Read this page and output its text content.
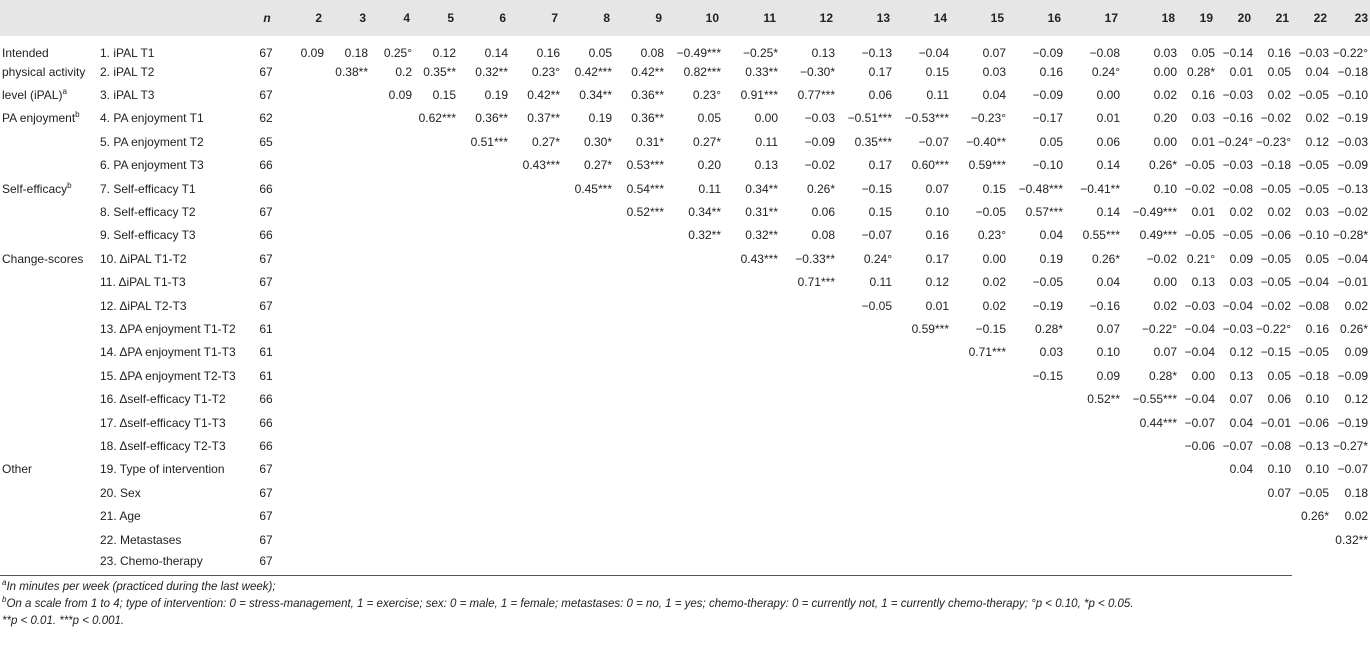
		n	2	3	4	5	6	7	8	9	10	11	12	13	14	15	16	17	18	19	20	21	22	23
Intended	1. iPAL T1	67	0.09	0.18	0.25°	0.12	0.14	0.16	0.05	0.08	−0.49***	−0.25*	0.13	−0.13	−0.04	0.07	−0.09	−0.08	0.03	0.05	−0.14	0.16	−0.03	−0.22°
physical activity	2. iPAL T2	67		0.38**	0.2	0.35**	0.32**	0.23°	0.42***	0.42**	0.82***	0.33**	−0.30*	0.17	0.15	0.03	0.16	0.24°	0.00	0.28*	0.01	0.05	0.04	−0.18
level (iPAL)$^a$	3. iPAL T3	67			0.09	0.15	0.19	0.42**	0.34**	0.36**	0.23°	0.91***	0.77***	0.06	0.11	0.04	−0.09	0.00	0.02	0.16	−0.03	0.02	−0.05	−0.10
PA enjoyment$^b$	4. PA enjoyment T1	62				0.62***	0.36**	0.37**	0.19	0.36**	0.05	0.00	−0.03	−0.51***	−0.53***	−0.23°	−0.17	0.01	0.20	0.03	−0.16	−0.02	0.02	−0.19
	5. PA enjoyment T2	65					0.51***	0.27*	0.30*	0.31*	0.27*	0.11	−0.09	0.35***	−0.07	−0.40**	0.05	0.06	0.00	0.01	−0.24°	−0.23°	0.12	−0.03
	6. PA enjoyment T3	66						0.43***	0.27*	0.53***	0.20	0.13	−0.02	0.17	0.60***	0.59***	−0.10	0.14	0.26*	−0.05	−0.03	−0.18	−0.05	−0.09
Self-efficacy$^b$	7. Self-efficacy T1	66							0.45***	0.54***	0.11	0.34**	0.26*	−0.15	0.07	0.15	−0.48***	−0.41**	0.10	−0.02	−0.08	−0.05	−0.05	−0.13
	8. Self-efficacy T2	67								0.52***	0.34**	0.31**	0.06	0.15	0.10	−0.05	0.57***	0.14	−0.49***	0.01	0.02	0.02	0.03	−0.02
	9. Self-efficacy T3	66									0.32**	0.32**	0.08	−0.07	0.16	0.23°	0.04	0.55***	0.49***	−0.05	−0.05	−0.06	−0.10	−0.28*
Change-scores	10. ΔiPAL T1-T2	67										0.43***	−0.33**	0.24°	0.17	0.00	0.19	0.26*	−0.02	0.21°	0.09	−0.05	0.05	−0.04
	11. ΔiPAL T1-T3	67											0.71***	0.11	0.12	0.02	−0.05	0.04	0.00	0.13	0.03	−0.05	−0.04	−0.01
	12. ΔiPAL T2-T3	67												−0.05	0.01	0.02	−0.19	−0.16	0.02	−0.03	−0.04	−0.02	−0.08	0.02
	13. ΔPA enjoyment T1-T2	61													0.59***	−0.15	0.28*	0.07	−0.22°	−0.04	−0.03	−0.22°	0.16	0.26*
	14. ΔPA enjoyment T1-T3	61														0.71***	0.03	0.10	0.07	−0.04	0.12	−0.15	−0.05	0.09
	15. ΔPA enjoyment T2-T3	61															−0.15	0.09	0.28*	0.00	0.13	0.05	−0.18	−0.09
	16. Δself-efficacy T1-T2	66																0.52**	−0.55***	−0.04	0.07	0.06	0.10	0.12
	17. Δself-efficacy T1-T3	66																	0.44***	−0.07	0.04	−0.01	−0.06	−0.19
	18. Δself-efficacy T2-T3	66																		−0.06	−0.07	−0.08	−0.13	−0.27*
Other	19. Type of intervention	67																			0.04	0.10	0.10	−0.07
	20. Sex	67																				0.07	−0.05	0.18
	21. Age	67																					0.26*	0.02
	22. Metastases	67																						0.32**
	23. Chemo-therapy	67																						

$^a$In minutes per week (practiced during the last week);

$^b$On a scale from 1 to 4; type of intervention: 0 = stress-management, 1 = exercise; sex: 0 = male, 1 = female; metastases: 0 = no, 1 = yes; chemo-therapy: 0 = currently not, 1 = currently chemo-therapy; °p < 0.10, *p < 0.05.

**p < 0.01. ***p < 0.001.
